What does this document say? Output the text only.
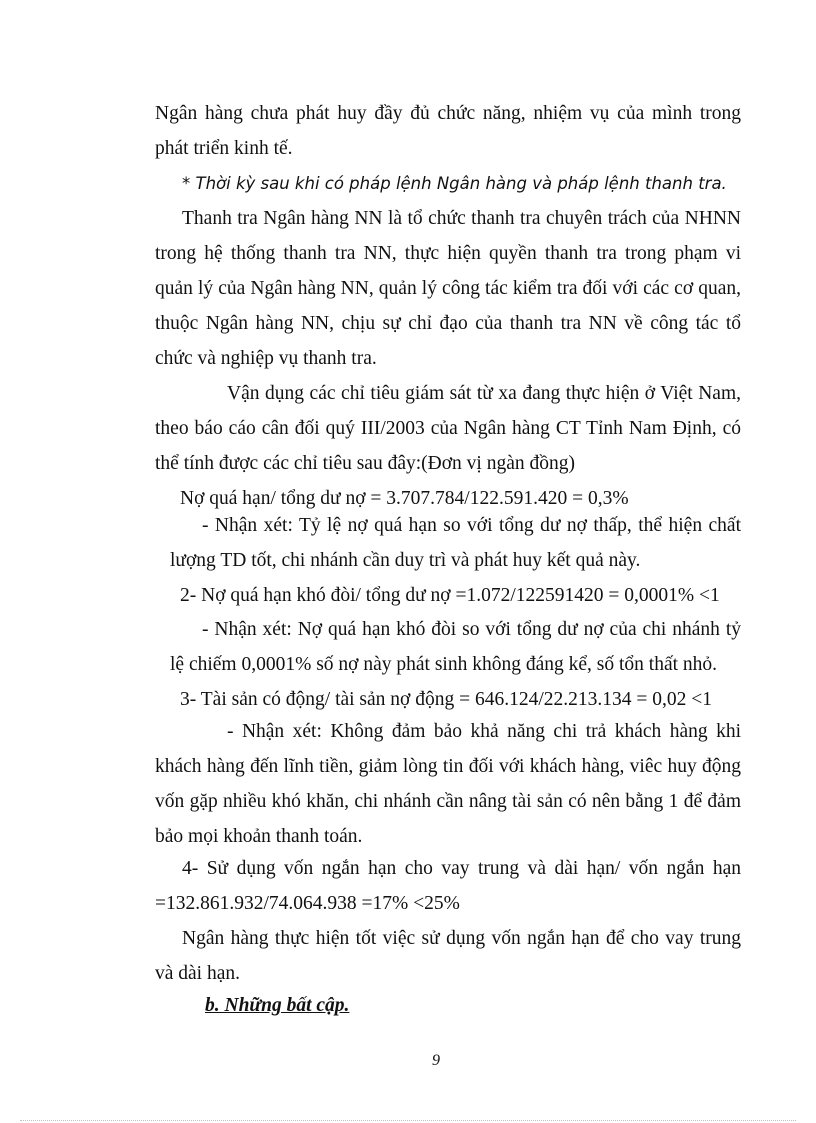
Ngân hàng chưa phát huy đầy đủ chức năng, nhiệm vụ của mình trong phát triển kinh tế.

* Thời kỳ sau khi có pháp lệnh Ngân hàng và pháp lệnh thanh tra.

Thanh tra Ngân hàng NN là tổ chức thanh tra chuyên trách của NHNN trong hệ thống thanh tra NN, thực hiện quyền thanh tra trong phạm vi quản lý của Ngân hàng NN, quản lý công tác kiểm tra đối với các cơ quan, thuộc Ngân hàng NN, chịu sự chỉ đạo của thanh tra NN về công tác tổ chức và nghiệp vụ thanh tra.

Vận dụng các chỉ tiêu giám sát từ xa đang thực hiện ở Việt Nam, theo báo cáo cân đối quý III/2003 của Ngân hàng CT Tỉnh Nam Định, có thể tính được các chỉ tiêu sau đây:(Đơn vị ngàn đồng)

Nợ quá hạn/ tổng dư nợ = 3.707.784/122.591.420 = 0,3%

- Nhận xét: Tỷ lệ nợ quá hạn so với tổng dư nợ thấp, thể hiện chất lượng TD tốt, chi nhánh cần duy trì và phát huy kết quả này.

2- Nợ quá hạn khó đòi/ tổng dư nợ =1.072/122591420 = 0,0001% <1

- Nhận xét: Nợ quá hạn khó đòi so với tổng dư nợ của chi nhánh tỷ lệ chiếm 0,0001% số nợ này phát sinh không đáng kể, số tổn thất nhỏ.

3- Tài sản có động/ tài sản nợ động = 646.124/22.213.134 = 0,02 <1

- Nhận xét: Không đảm bảo khả năng chi trả khách hàng khi khách hàng đến lĩnh tiền, giảm lòng tin đối với khách hàng, viêc huy động vốn gặp nhiều khó khăn, chi nhánh cần nâng tài sản có nên bằng 1 để đảm bảo mọi khoản thanh toán.

4- Sử dụng vốn ngắn hạn cho vay trung và dài hạn/ vốn ngắn hạn =132.861.932/74.064.938 =17% <25%

Ngân hàng thực hiện tốt việc sử dụng vốn ngắn hạn để cho vay trung và dài hạn.

b. Những bất cập.

9
